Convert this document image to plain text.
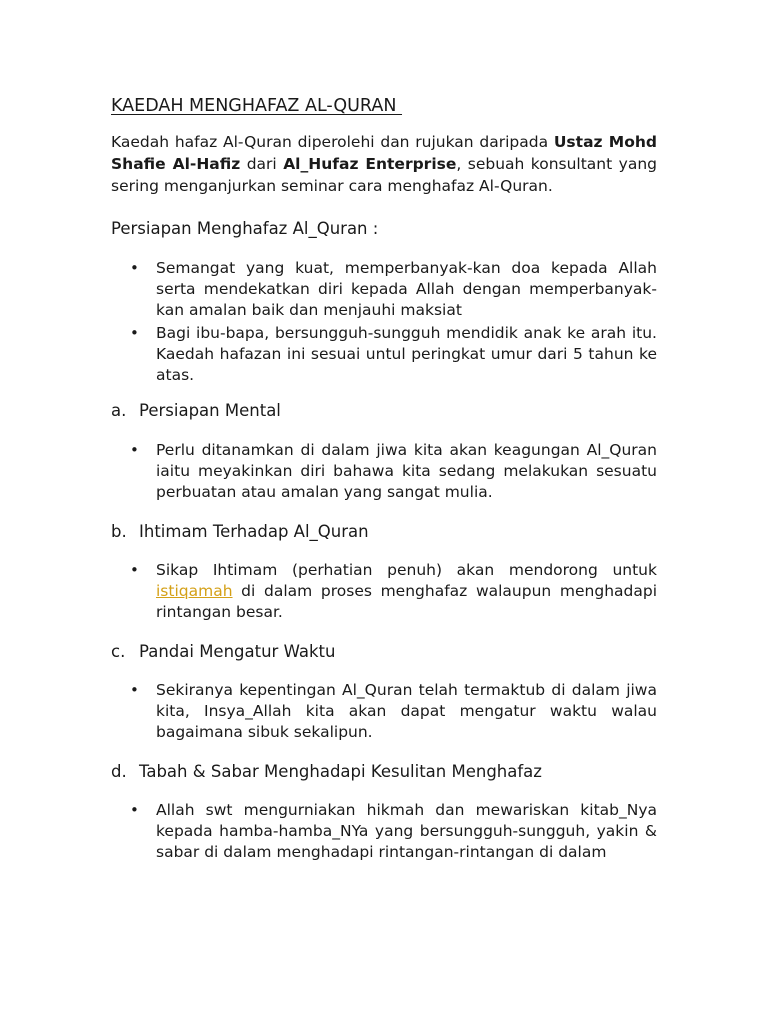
KAEDAH MENGHAFAZ AL-QURAN
Kaedah hafaz Al-Quran diperolehi dan rujukan daripada Ustaz Mohd Shafie Al-Hafiz dari Al_Hufaz Enterprise, sebuah konsultant yang sering menganjurkan seminar cara menghafaz Al-Quran.
Persiapan Menghafaz Al_Quran :
• Semangat yang kuat, memperbanyak-kan doa kepada Allah serta mendekatkan diri kepada Allah dengan memperbanyak-kan amalan baik dan menjauhi maksiat
• Bagi ibu-bapa, bersungguh-sungguh mendidik anak ke arah itu. Kaedah hafazan ini sesuai untul peringkat umur dari 5 tahun ke atas.
a. Persiapan Mental
• Perlu ditanamkan di dalam jiwa kita akan keagungan Al_Quran iaitu meyakinkan diri bahawa kita sedang melakukan sesuatu perbuatan atau amalan yang sangat mulia.
b. Ihtimam Terhadap Al_Quran
• Sikap Ihtimam (perhatian penuh) akan mendorong untuk istiqamah di dalam proses menghafaz walaupun menghadapi rintangan besar.
c. Pandai Mengatur Waktu
• Sekiranya kepentingan Al_Quran telah termaktub di dalam jiwa kita, Insya_Allah kita akan dapat mengatur waktu walau bagaimana sibuk sekalipun.
d. Tabah & Sabar Menghadapi Kesulitan Menghafaz
• Allah swt mengurniakan hikmah dan mewariskan kitab_Nya kepada hamba-hamba_NYa yang bersungguh-sungguh, yakin & sabar di dalam menghadapi rintangan-rintangan di dalam
